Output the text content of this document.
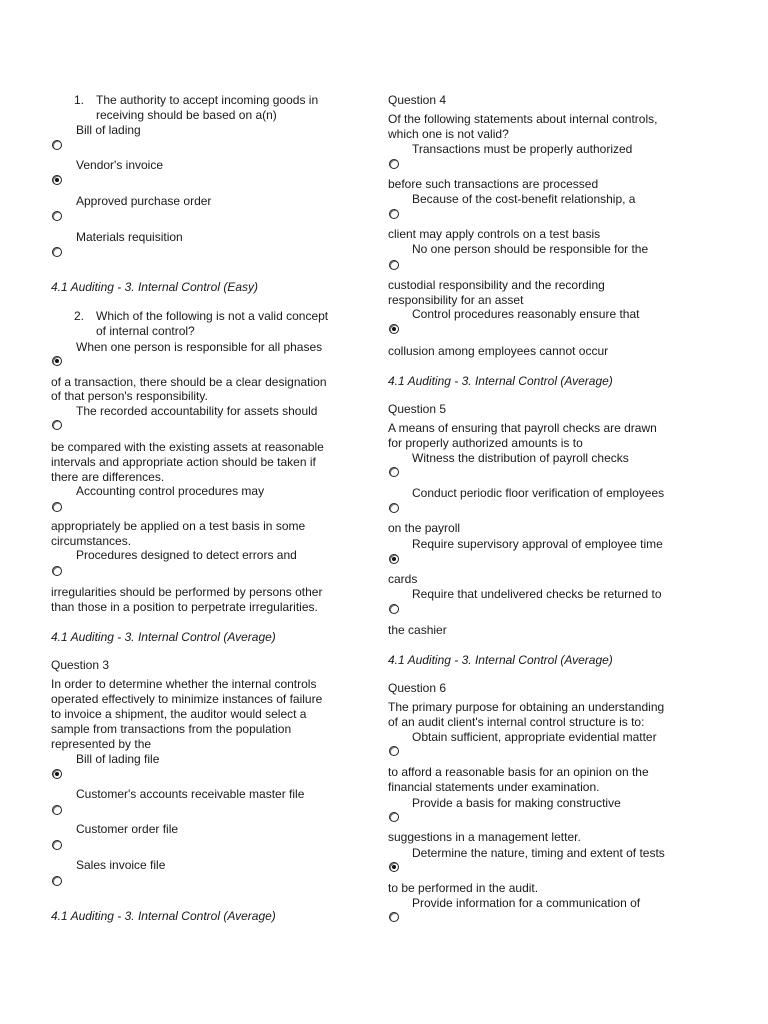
1. The authority to accept incoming goods in
receiving should be based on a(n)
Bill of lading
Vendor's invoice
Approved purchase order
Materials requisition
4.1 Auditing - 3. Internal Control (Easy)
2. Which of the following is not a valid concept
of internal control?
When one person is responsible for all phases
of a transaction, there should be a clear designation
of that person's responsibility.
The recorded accountability for assets should
be compared with the existing assets at reasonable
intervals and appropriate action should be taken if
there are differences.
Accounting control procedures may
appropriately be applied on a test basis in some
circumstances.
Procedures designed to detect errors and
irregularities should be performed by persons other
than those in a position to perpetrate irregularities.
4.1 Auditing - 3. Internal Control (Average)
Question 3
In order to determine whether the internal controls
operated effectively to minimize instances of failure
to invoice a shipment, the auditor would select a
sample from transactions from the population
represented by the
Bill of lading file
Customer's accounts receivable master file
Customer order file
Sales invoice file
4.1 Auditing - 3. Internal Control (Average)
Question 4
Of the following statements about internal controls,
which one is not valid?
Transactions must be properly authorized
before such transactions are processed
Because of the cost-benefit relationship, a
client may apply controls on a test basis
No one person should be responsible for the
custodial responsibility and the recording
responsibility for an asset
Control procedures reasonably ensure that
collusion among employees cannot occur
4.1 Auditing - 3. Internal Control (Average)
Question 5
A means of ensuring that payroll checks are drawn
for properly authorized amounts is to
Witness the distribution of payroll checks
Conduct periodic floor verification of employees
on the payroll
Require supervisory approval of employee time
cards
Require that undelivered checks be returned to
the cashier
4.1 Auditing - 3. Internal Control (Average)
Question 6
The primary purpose for obtaining an understanding
of an audit client's internal control structure is to:
Obtain sufficient, appropriate evidential matter
to afford a reasonable basis for an opinion on the
financial statements under examination.
Provide a basis for making constructive
suggestions in a management letter.
Determine the nature, timing and extent of tests
to be performed in the audit.
Provide information for a communication of
